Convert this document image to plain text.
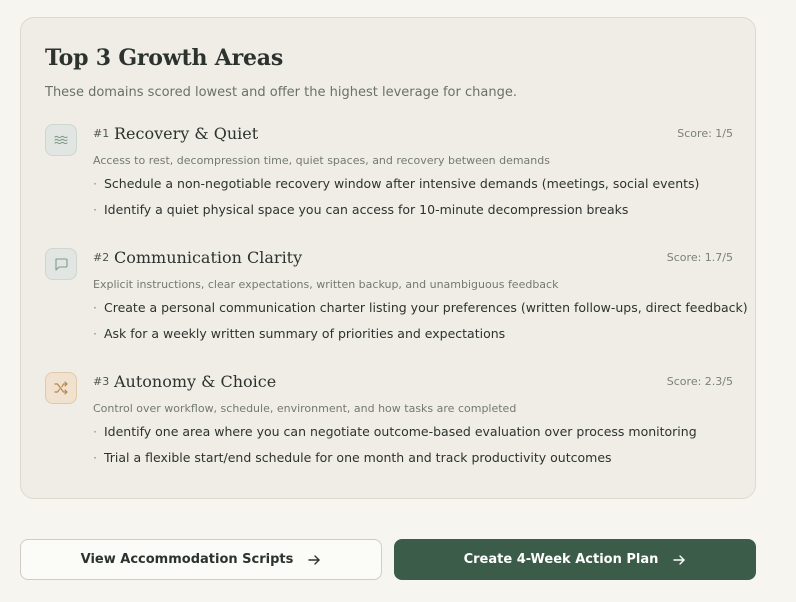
Top 3 Growth Areas

These domains scored lowest and offer the highest leverage for change.

#1 Recovery & Quiet	Score: 1/5

Access to rest, decompression time, quiet spaces, and recovery between demands

· Schedule a non-negotiable recovery window after intensive demands (meetings, social events)
· Identify a quiet physical space you can access for 10-minute decompression breaks
#2 Communication Clarity	Score: 1.7/5

Explicit instructions, clear expectations, written backup, and unambiguous feedback

· Create a personal communication charter listing your preferences (written follow-ups, direct feedback)
· Ask for a weekly written summary of priorities and expectations
#3 Autonomy & Choice	Score: 2.3/5

Control over workflow, schedule, environment, and how tasks are completed

· Identify one area where you can negotiate outcome-based evaluation over process monitoring
· Trial a flexible start/end schedule for one month and track productivity outcomes
View Accommodation Scripts	Create 4-Week Action Plan
